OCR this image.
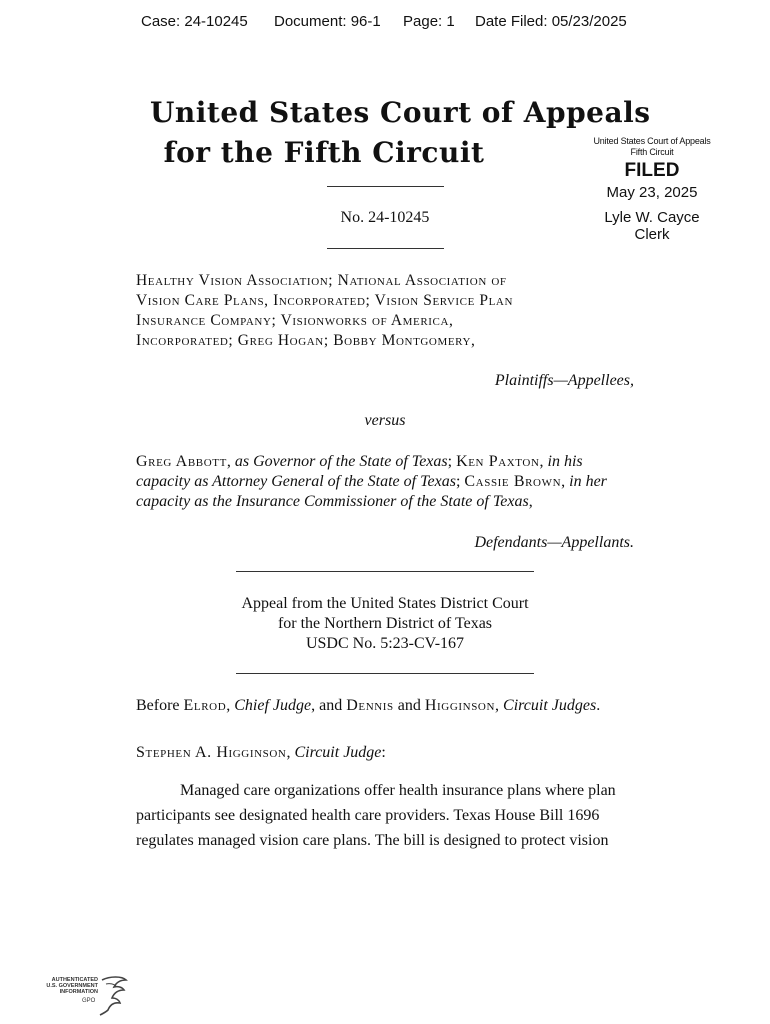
Case: 24-10245 Document: 96-1 Page: 1 Date Filed: 05/23/2025
United States Court of Appeals
for the Fifth Circuit	United States Court of Appeals
Fifth Circuit
FILED
May 23, 2025
Lyle W. Cayce
Clerk
No. 24-10245
Healthy Vision Association; National Association of
Vision Care Plans, Incorporated; Vision Service Plan
Insurance Company; Visionworks of America,
Incorporated; Greg Hogan; Bobby Montgomery,
Plaintiffs—Appellees,
versus
Greg Abbott, as Governor of the State of Texas; Ken Paxton, in his
capacity as Attorney General of the State of Texas; Cassie Brown, in her
capacity as the Insurance Commissioner of the State of Texas,
Defendants—Appellants.
Appeal from the United States District Court
for the Northern District of Texas
USDC No. 5:23-CV-167
Before Elrod, Chief Judge, and Dennis and Higginson, Circuit Judges.
Stephen A. Higginson, Circuit Judge:
Managed care organizations offer health insurance plans where plan
participants see designated health care providers. Texas House Bill 1696
regulates managed vision care plans. The bill is designed to protect vision
AUTHENTICATED
U.S. GOVERNMENT
INFORMATION
GPO
